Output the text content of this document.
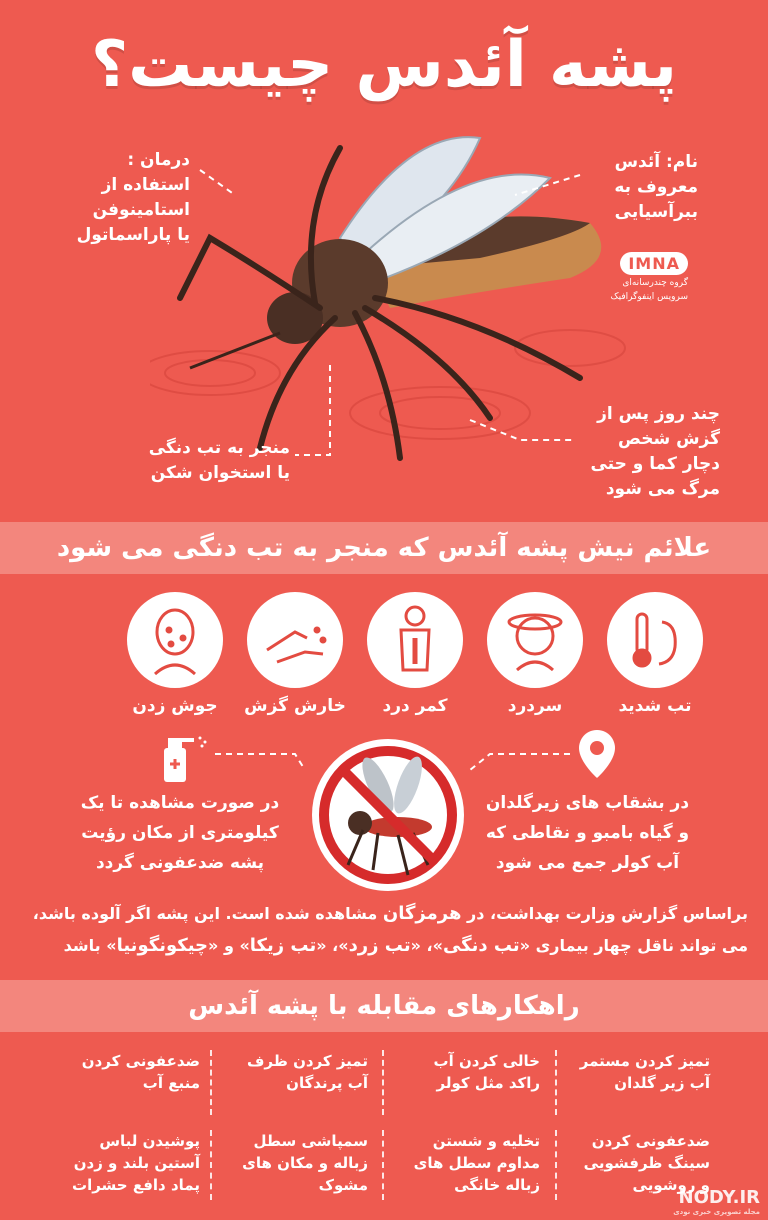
پشه آئدس چیست؟
درمان :
استفاده از
استامینوفن
یا پاراسماتول
نام: آئدس
معروف به
ببرآسیایی
منجر به تب دنگی
یا استخوان شکن
چند روز پس از
گزش شخص
دچار کما و حتی
مرگ می شود
IMNA
گروه چندرسانه‌ای
سرویس اینفوگرافیک
علائم نیش پشه آئدس که منجر به تب دنگی می شود
تب شدید
سردرد
کمر درد
خارش گزش
جوش زدن
در صورت مشاهده تا یک
کیلومتری از مکان رؤیت
پشه ضدعفونی گردد
در بشقاب های زیرگلدان
و گیاه بامبو و نقاطی که
آب کولر جمع می شود
براساس گزارش وزارت بهداشت، در هرمزگان مشاهده شده است. این پشه اگر آلوده باشد،
می تواند ناقل چهار بیماری «تب دنگی»، «تب زرد»، «تب زیکا» و «چیکونگونیا» باشد
راهکارهای مقابله با پشه آئدس
تمیز کردن مستمر
آب زیر گلدان
خالی کردن آب
راکد مثل کولر
تمیز کردن ظرف
آب پرندگان
ضدعفونی کردن
منبع آب
ضدعفونی کردن
سینگ ظرفشویی
و روشویی
تخلیه و شستن
مداوم سطل های
زباله خانگی
سمپاشی سطل
زباله و مکان های
مشوک
پوشیدن لباس
آستین بلند و زدن
پماد دافع حشرات
NODY.IR
مجله تصویری خبری نودی
